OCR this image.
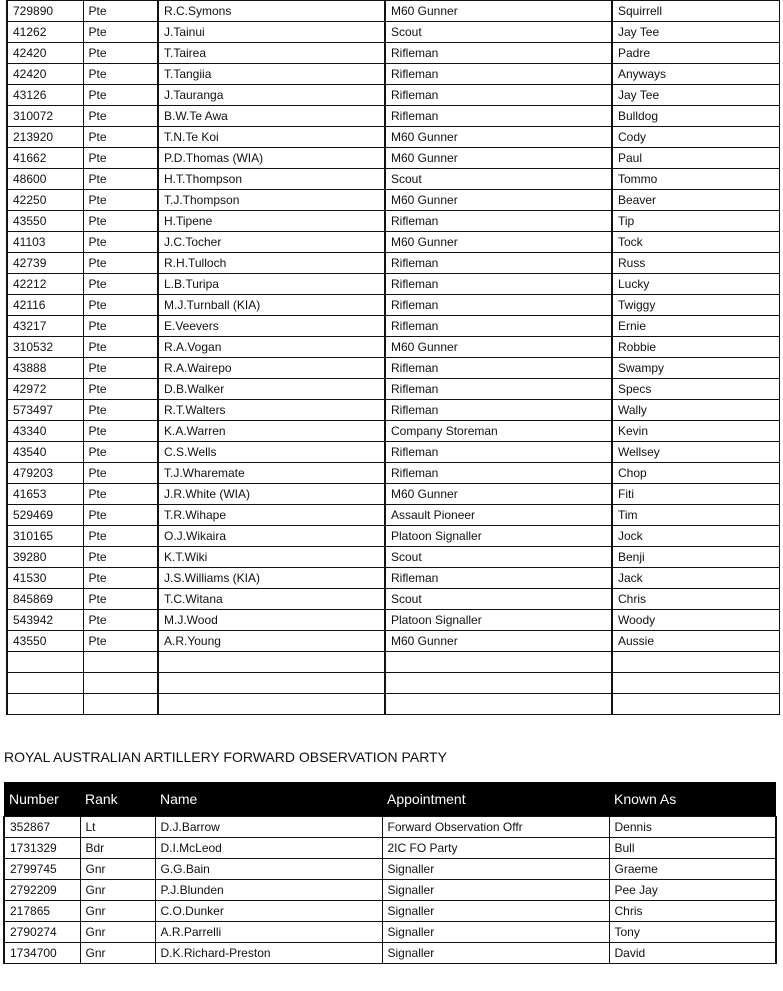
729890	Pte	R.C.Symons	M60 Gunner	Squirrell
41262	Pte	J.Tainui	Scout	Jay Tee
42420	Pte	T.Tairea	Rifleman	Padre
42420	Pte	T.Tangiia	Rifleman	Anyways
43126	Pte	J.Tauranga	Rifleman	Jay Tee
310072	Pte	B.W.Te Awa	Rifleman	Bulldog
213920	Pte	T.N.Te Koi	M60 Gunner	Cody
41662	Pte	P.D.Thomas (WIA)	M60 Gunner	Paul
48600	Pte	H.T.Thompson	Scout	Tommo
42250	Pte	T.J.Thompson	M60 Gunner	Beaver
43550	Pte	H.Tipene	Rifleman	Tip
41103	Pte	J.C.Tocher	M60 Gunner	Tock
42739	Pte	R.H.Tulloch	Rifleman	Russ
42212	Pte	L.B.Turipa	Rifleman	Lucky
42116	Pte	M.J.Turnball (KIA)	Rifleman	Twiggy
43217	Pte	E.Veevers	Rifleman	Ernie
310532	Pte	R.A.Vogan	M60 Gunner	Robbie
43888	Pte	R.A.Wairepo	Rifleman	Swampy
42972	Pte	D.B.Walker	Rifleman	Specs
573497	Pte	R.T.Walters	Rifleman	Wally
43340	Pte	K.A.Warren	Company Storeman	Kevin
43540	Pte	C.S.Wells	Rifleman	Wellsey
479203	Pte	T.J.Wharemate	Rifleman	Chop
41653	Pte	J.R.White (WIA)	M60 Gunner	Fiti
529469	Pte	T.R.Wihape	Assault Pioneer	Tim
310165	Pte	O.J.Wikaira	Platoon Signaller	Jock
39280	Pte	K.T.Wiki	Scout	Benji
41530	Pte	J.S.Williams (KIA)	Rifleman	Jack
845869	Pte	T.C.Witana	Scout	Chris
543942	Pte	M.J.Wood	Platoon Signaller	Woody
43550	Pte	A.R.Young	M60 Gunner	Aussie

ROYAL AUSTRALIAN ARTILLERY FORWARD OBSERVATION PARTY
Number	Rank	Name	Appointment	Known As
352867	Lt	D.J.Barrow	Forward Observation Offr	Dennis
1731329	Bdr	D.I.McLeod	2IC FO Party	Bull
2799745	Gnr	G.G.Bain	Signaller	Graeme
2792209	Gnr	P.J.Blunden	Signaller	Pee Jay
217865	Gnr	C.O.Dunker	Signaller	Chris
2790274	Gnr	A.R.Parrelli	Signaller	Tony
1734700	Gnr	D.K.Richard-Preston	Signaller	David
